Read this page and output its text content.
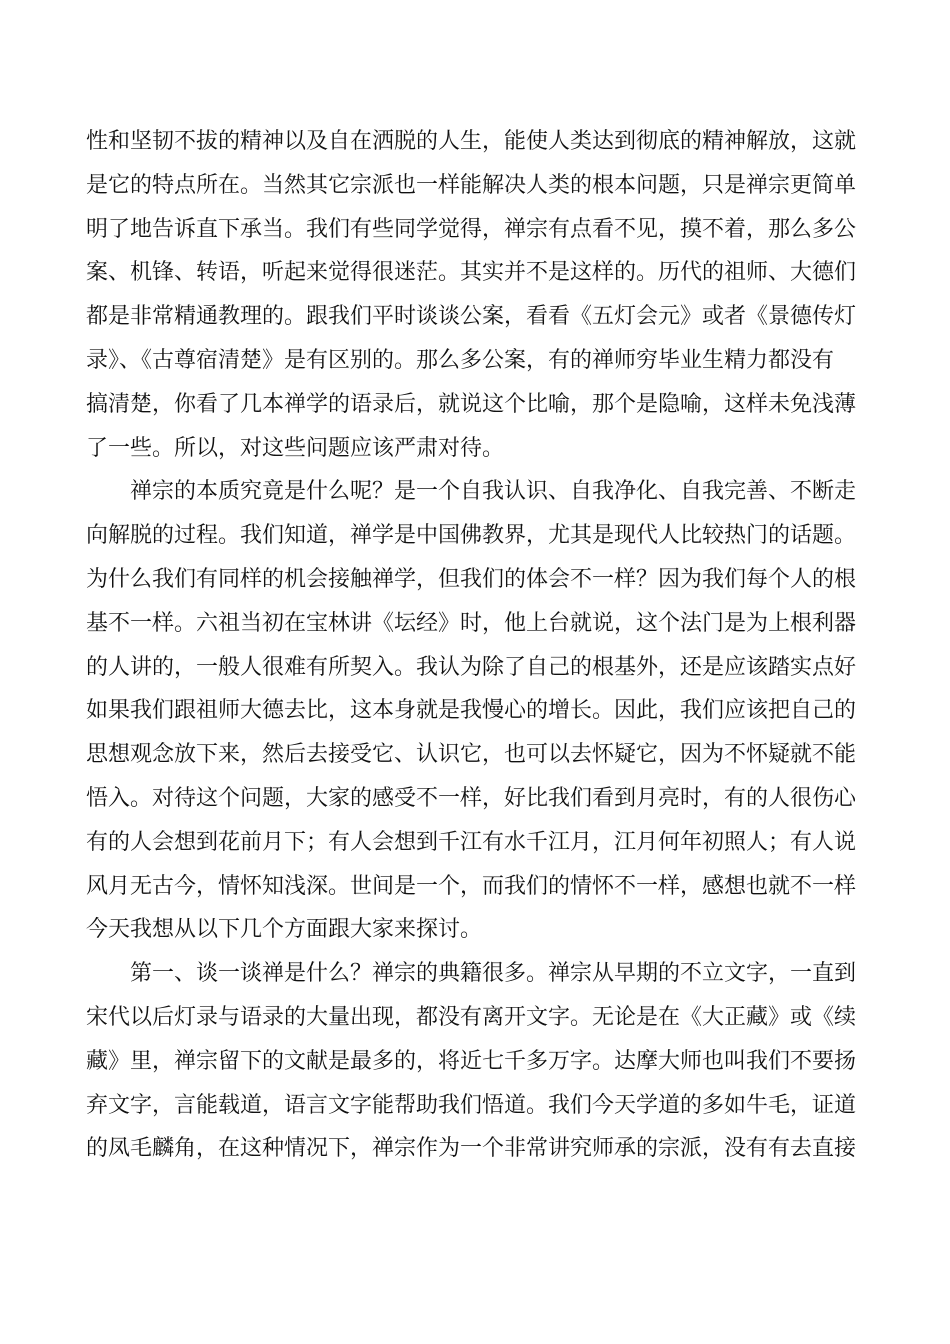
性和坚韧不拔的精神以及自在洒脱的人生，能使人类达到彻底的精神解放，这就
是它的特点所在。当然其它宗派也一样能解决人类的根本问题，只是禅宗更简单
明了地告诉直下承当。我们有些同学觉得，禅宗有点看不见，摸不着，那么多公
案、机锋、转语，听起来觉得很迷茫。其实并不是这样的。历代的祖师、大德们
都是非常精通教理的。跟我们平时谈谈公案，看看《五灯会元》或者《景德传灯
录》、《古尊宿清楚》是有区别的。那么多公案，有的禅师穷毕业生精力都没有
搞清楚，你看了几本禅学的语录后，就说这个比喻，那个是隐喻，这样未免浅薄
了一些。所以，对这些问题应该严肃对待。
　　禅宗的本质究竟是什么呢？是一个自我认识、自我净化、自我完善、不断走
向解脱的过程。我们知道，禅学是中国佛教界，尤其是现代人比较热门的话题。
为什么我们有同样的机会接触禅学，但我们的体会不一样？因为我们每个人的根
基不一样。六祖当初在宝林讲《坛经》时，他上台就说，这个法门是为上根利器
的人讲的，一般人很难有所契入。我认为除了自己的根基外，还是应该踏实点好
如果我们跟祖师大德去比，这本身就是我慢心的增长。因此，我们应该把自己的
思想观念放下来，然后去接受它、认识它，也可以去怀疑它，因为不怀疑就不能
悟入。对待这个问题，大家的感受不一样，好比我们看到月亮时，有的人很伤心
有的人会想到花前月下；有人会想到千江有水千江月，江月何年初照人；有人说
风月无古今，情怀知浅深。世间是一个，而我们的情怀不一样，感想也就不一样
今天我想从以下几个方面跟大家来探讨。
　　第一、谈一谈禅是什么？禅宗的典籍很多。禅宗从早期的不立文字，一直到
宋代以后灯录与语录的大量出现，都没有离开文字。无论是在《大正藏》或《续
藏》里，禅宗留下的文献是最多的，将近七千多万字。达摩大师也叫我们不要扬
弃文字，言能载道，语言文字能帮助我们悟道。我们今天学道的多如牛毛，证道
的凤毛麟角，在这种情况下，禅宗作为一个非常讲究师承的宗派，没有有去直接
